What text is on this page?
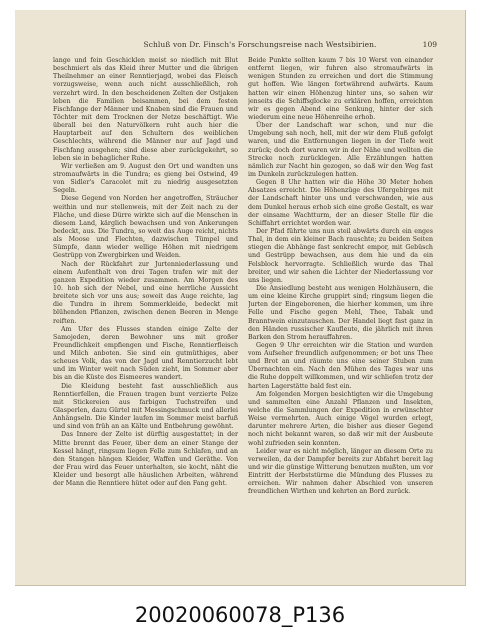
Schluß von Dr. Finsch's Forschungsreise nach Westsibirien.	109

lange und fein Geschicklen meist so niedlich mit Blut beschmiert als das Kleid ihrer Mutter und die übrigen Theilnehmer an einer Renntierjagd, wobei das Fleisch vorzugsweise, wenn auch nicht ausschließlich, roh verzehrt wird. In den bescheidenen Zelten der Ostjaken leben die Familien beisammen, bei dem festen Fischfange der Männer und Knaben sind die Frauen und Töchter mit dem Trocknen der Netze beschäftigt. Wie überall bei den Naturvölkern ruht auch hier die Hauptarbeit auf den Schultern des weiblichen Geschlechts, während die Männer nur auf Jagd und Fischfang ausgehen; sind diese aber zurückgekehrt, so leben sie in behaglicher Ruhe.

Wir verließen am 9. August den Ort und wandten uns stromaufwärts in die Tundra; es gieng bei Ostwind, 49 von Sidler's Caracolet mit zu niedrig ausgesetzten Segeln.

Diese Gegend von Norden her angetroffen, Sträucher weithin und nur stellenweis, mit der Zeit nach zu der Fläche, und diese Dürre wirkte sich auf die Menschen in diesem Land, kärglich bewachsen und von Ankerungen bedeckt, aus. Die Tundra, so weit das Auge reicht, nichts als Moose und Flechten, dazwischen Tümpel und Sümpfe, dann wieder wellige Höhen mit niedrigem Gestrüpp von Zwergbirken und Weiden.

Nach der Rückfahrt zur Jurtenniederlassung und einem Aufenthalt von drei Tagen trafen wir mit der ganzen Expedition wieder zusammen. Am Morgen des 10. hob sich der Nebel, und eine herrliche Aussicht breitete sich vor uns aus; soweit das Auge reichte, lag die Tundra in ihrem Sommerkleide, bedeckt mit blühenden Pflanzen, zwischen denen Beeren in Menge reiften.

Am Ufer des Flusses standen einige Zelte der Samojeden, deren Bewohner uns mit großer Freundlichkeit empfiengen und Fische, Renntierfleisch und Milch anboten. Sie sind ein gutmüthiges, aber scheues Volk, das von der Jagd und Renntierzucht lebt und im Winter weit nach Süden zieht, im Sommer aber bis an die Küste des Eismeeres wandert.

Die Kleidung besteht fast ausschließlich aus Renntierfellen, die Frauen tragen bunt verzierte Pelze mit Stickereien aus farbigen Tuchstreifen und Glasperlen, dazu Gürtel mit Messingschmuck und allerlei Anhängseln. Die Kinder laufen im Sommer meist barfuß und sind von früh an an Kälte und Entbehrung gewöhnt.

Das Innere der Zelte ist dürftig ausgestattet; in der Mitte brennt das Feuer, über dem an einer Stange der Kessel hängt, ringsum liegen Felle zum Schlafen, und an den Stangen hängen Kleider, Waffen und Geräthe. Von der Frau wird das Feuer unterhalten, sie kocht, näht die Kleider und besorgt alle häuslichen Arbeiten, während der Mann die Renntiere hütet oder auf den Fang geht.

Beide Punkte sollten kaum 7 bis 10 Werst von einander entfernt liegen, wir fuhren also stromaufwärts in wenigen Stunden zu erreichen und dort die Stimmung gut hoffen. Wie längen fortwährend aufwärts. Kaum hatten wir einen Höhenzug hinter uns, so sahen wir jenseits die Schiffsglocke zu erklären hoffen, erreichten wir es gegen Abend eine Senkung, hinter der sich wiederum eine neue Höhenreihe erhob.

Über der Landschaft war schon, und nur die Umgebung sah noch, hell, mit der wir dem Fluß gefolgt waren, und die Entfernungen liegen in der Tiefe weit zurück; doch dort waren wir in der Nähe und wollten die Strecke noch zurücklegen. Alle Erzählungen hatten nämlich zur Nacht hin gezogen, so daß wir den Weg fast im Dunkeln zurückzulegen hatten.

Gegen 8 Uhr hatten wir die Höhe 30 Meter hohen Absatzes erreicht. Die Höhenzüge des Ufergebirges mit der Landschaft hinter uns und verschwanden, wie aus dem Dunkel heraus erhob sich eine große Gestalt, es war der einsame Wachtturm, der an dieser Stelle für die Schiffahrt errichtet worden war.

Der Pfad führte uns nun steil abwärts durch ein enges Thal, in dem ein kleiner Bach rauschte; zu beiden Seiten stiegen die Abhänge fast senkrecht empor, mit Gebüsch und Gestrüpp bewachsen, aus dem hie und da ein Felsblock hervorragte. Schließlich wurde das Thal breiter, und wir sahen die Lichter der Niederlassung vor uns liegen.

Die Ansiedlung besteht aus wenigen Holzhäusern, die um eine kleine Kirche gruppirt sind; ringsum liegen die Jurten der Eingeborenen, die hierher kommen, um ihre Felle und Fische gegen Mehl, Thee, Tabak und Branntwein einzutauschen. Der Handel liegt fast ganz in den Händen russischer Kaufleute, die jährlich mit ihren Barken den Strom herauffahren.

Gegen 9 Uhr erreichten wir die Station und wurden vom Aufseher freundlich aufgenommen; er bot uns Thee und Brot an und räumte uns eine seiner Stuben zum Übernachten ein. Nach den Mühen des Tages war uns die Ruhe doppelt willkommen, und wir schliefen trotz der harten Lagerstätte bald fest ein.

Am folgenden Morgen besichtigten wir die Umgebung und sammelten eine Anzahl Pflanzen und Insekten, welche die Sammlungen der Expedition in erwünschter Weise vermehrten. Auch einige Vögel wurden erlegt, darunter mehrere Arten, die bisher aus dieser Gegend noch nicht bekannt waren, so daß wir mit der Ausbeute wohl zufrieden sein konnten.

Leider war es nicht möglich, länger an diesem Orte zu verweilen, da der Dampfer bereits zur Abfahrt bereit lag und wir die günstige Witterung benutzen mußten, um vor Eintritt der Herbststürme die Mündung des Flusses zu erreichen. Wir nahmen daher Abschied von unseren freundlichen Wirthen und kehrten an Bord zurück.

20020060078_P136
